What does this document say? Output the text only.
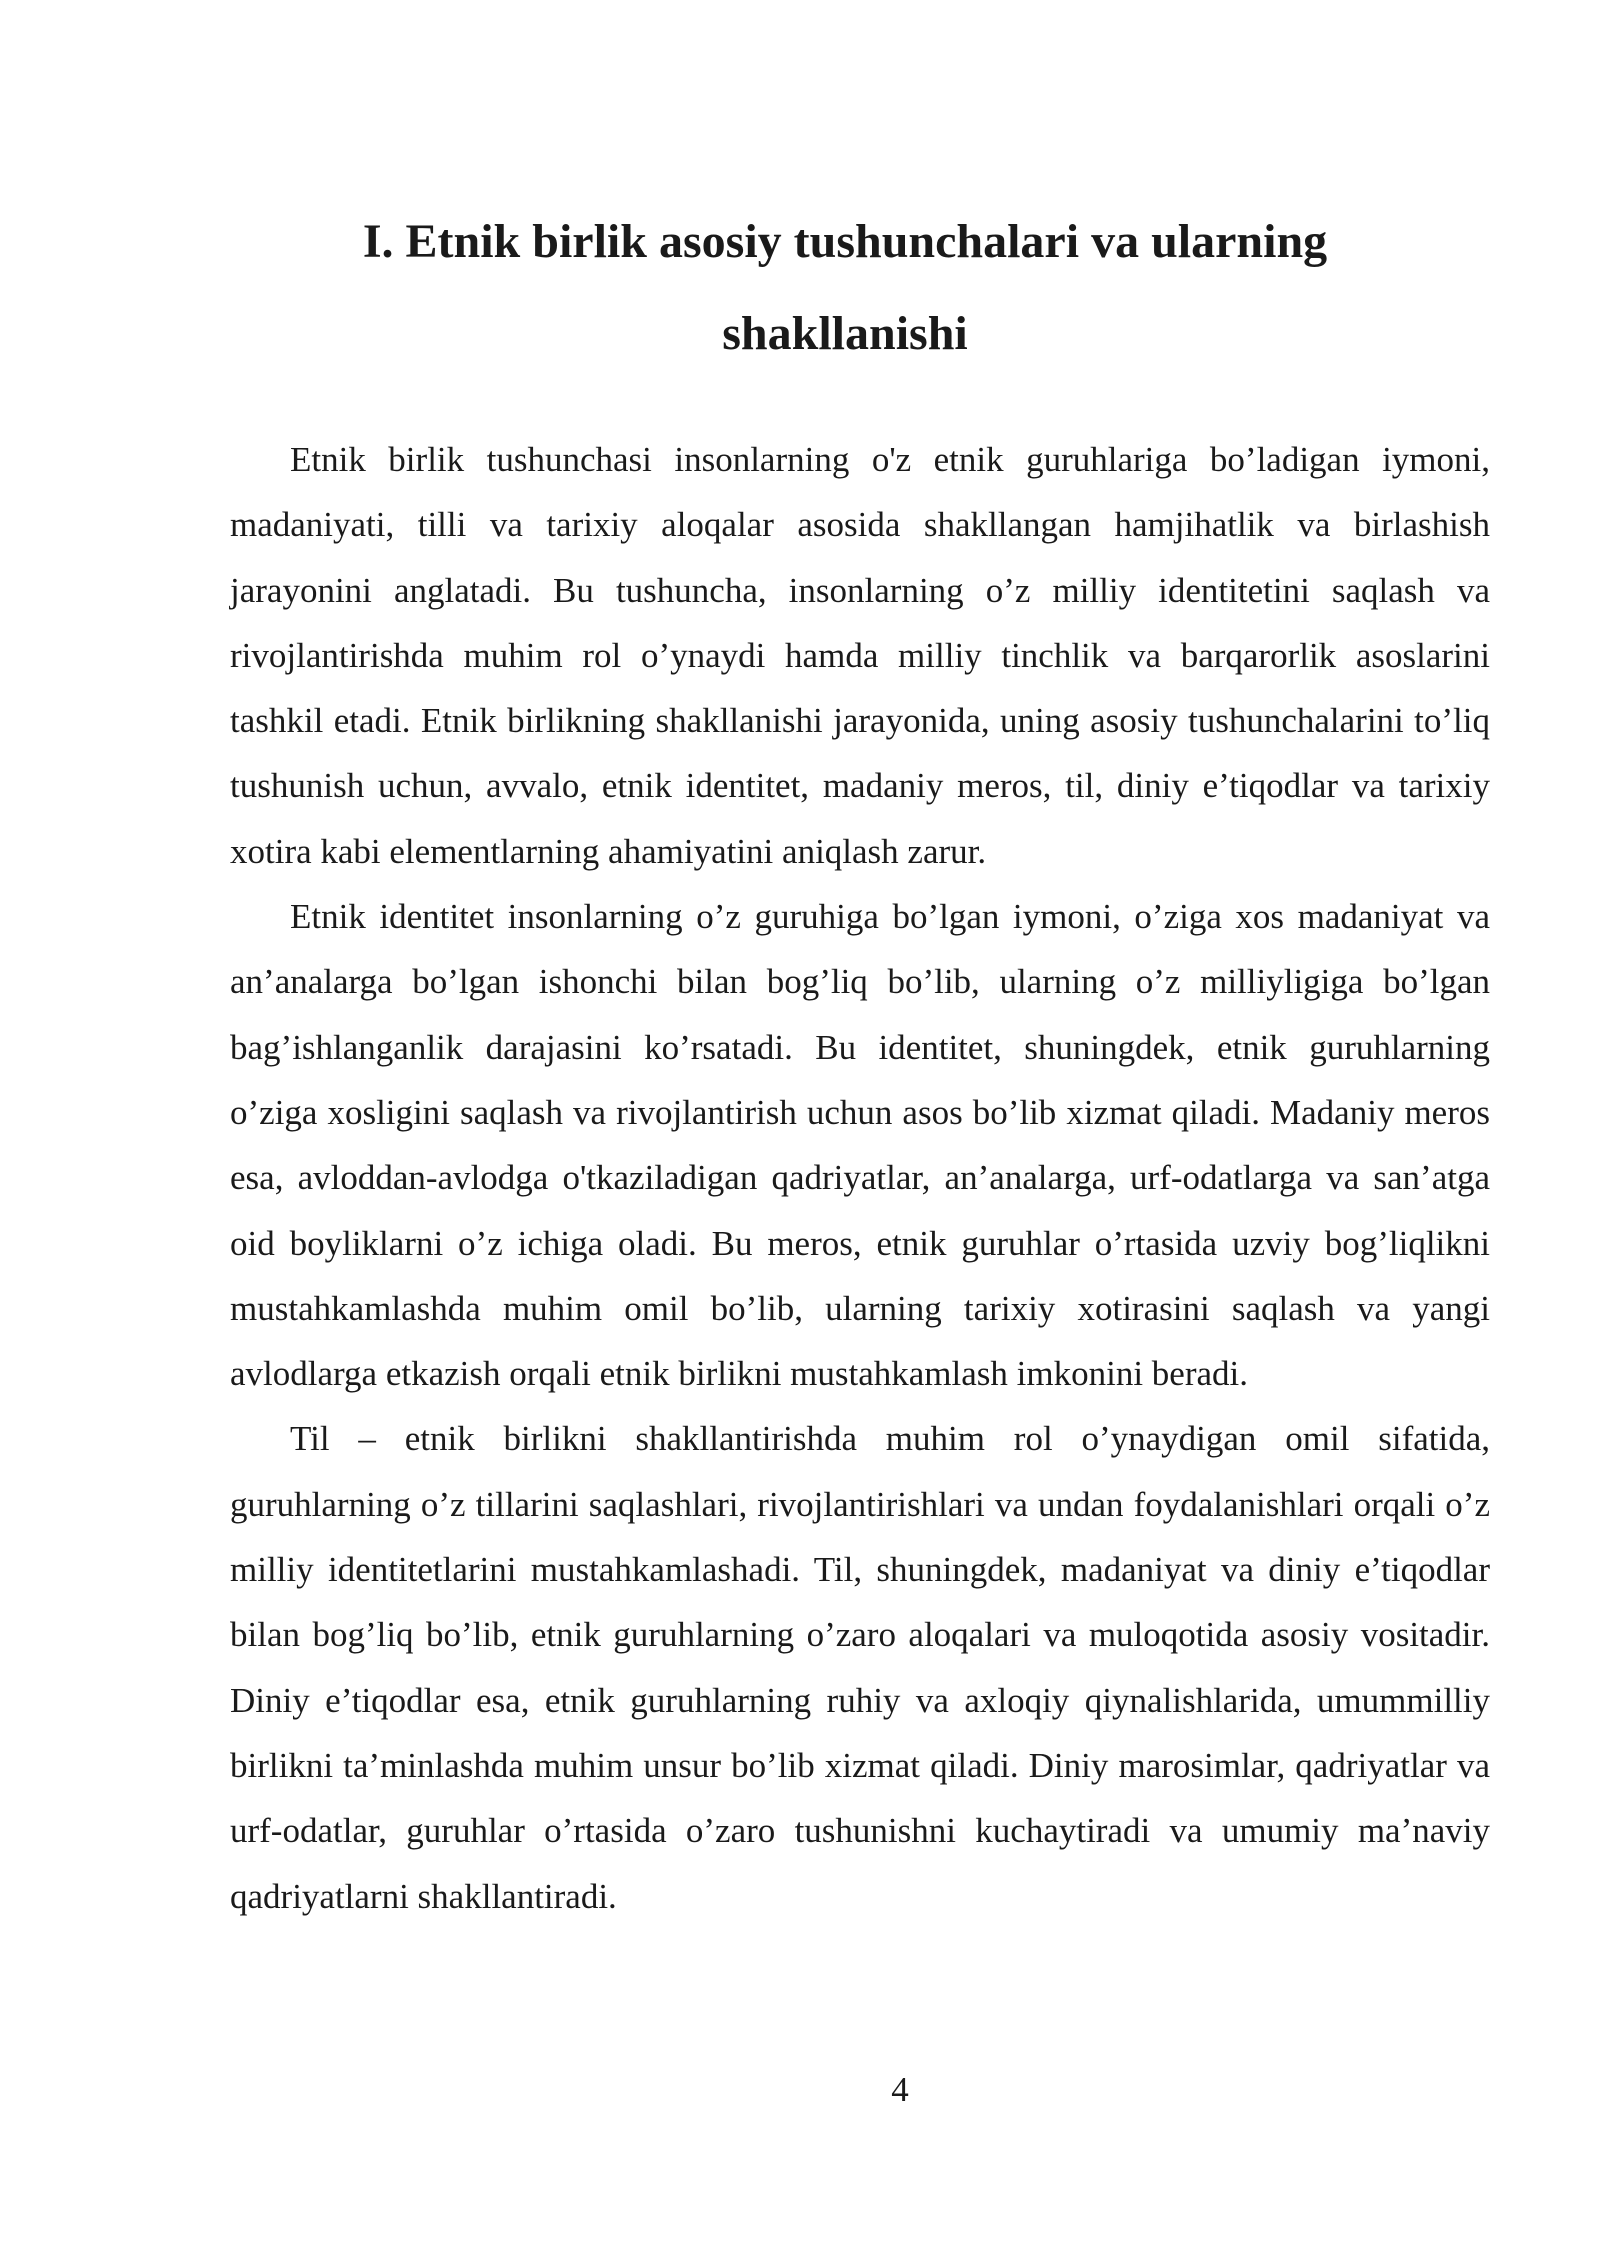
I. Etnik birlik asosiy tushunchalari va ularning shakllanishi

Etnik birlik tushunchasi insonlarning o'z etnik guruhlariga bo’ladigan iymoni, madaniyati, tilli va tarixiy aloqalar asosida shakllangan hamjihatlik va birlashish jarayonini anglatadi. Bu tushuncha, insonlarning o’z milliy identitetini saqlash va rivojlantirishda muhim rol o’ynaydi hamda milliy tinchlik va barqarorlik asoslarini tashkil etadi. Etnik birlikning shakllanishi jarayonida, uning asosiy tushunchalarini to’liq tushunish uchun, avvalo, etnik identitet, madaniy meros, til, diniy e’tiqodlar va tarixiy xotira kabi elementlarning ahamiyatini aniqlash zarur.

Etnik identitet insonlarning o’z guruhiga bo’lgan iymoni, o’ziga xos madaniyat va an’analarga bo’lgan ishonchi bilan bog’liq bo’lib, ularning o’z milliyligiga bo’lgan bag’ishlanganlik darajasini ko’rsatadi. Bu identitet, shuningdek, etnik guruhlarning o’ziga xosligini saqlash va rivojlantirish uchun asos bo’lib xizmat qiladi. Madaniy meros esa, avloddan-avlodga o'tkaziladigan qadriyatlar, an’analarga, urf-odatlarga va san’atga oid boyliklarni o’z ichiga oladi. Bu meros, etnik guruhlar o’rtasida uzviy bog’liqlikni mustahkamlashda muhim omil bo’lib, ularning tarixiy xotirasini saqlash va yangi avlodlarga etkazish orqali etnik birlikni mustahkamlash imkonini beradi.

Til – etnik birlikni shakllantirishda muhim rol o’ynaydigan omil sifatida, guruhlarning o’z tillarini saqlashlari, rivojlantirishlari va undan foydalanishlari orqali o’z milliy identitetlarini mustahkamlashadi. Til, shuningdek, madaniyat va diniy e’tiqodlar bilan bog’liq bo’lib, etnik guruhlarning o’zaro aloqalari va muloqotida asosiy vositadir. Diniy e’tiqodlar esa, etnik guruhlarning ruhiy va axloqiy qiynalishlarida, umummilliy birlikni ta’minlashda muhim unsur bo’lib xizmat qiladi. Diniy marosimlar, qadriyatlar va urf-odatlar, guruhlar o’rtasida o’zaro tushunishni kuchaytiradi va umumiy ma’naviy qadriyatlarni shakllantiradi.

4
